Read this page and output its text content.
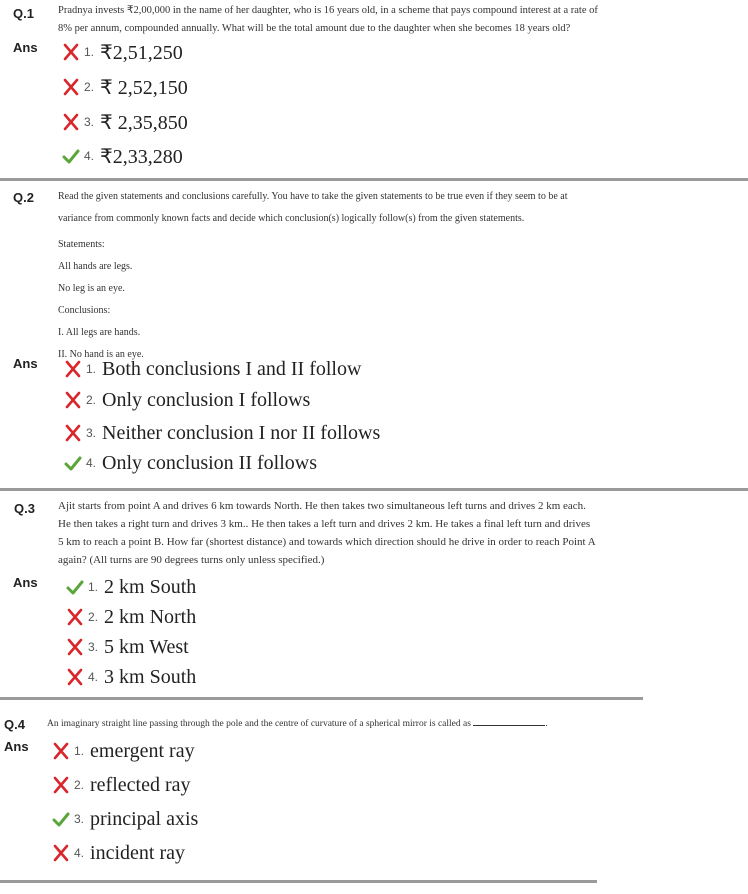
Q.1 Pradnya invests ₹2,00,000 in the name of her daughter, who is 16 years old, in a scheme that pays compound interest at a rate of 8% per annum, compounded annually. What will be the total amount due to the daughter when she becomes 18 years old?

Ans	1. ₹2,51,250
2. ₹ 2,52,150
3. ₹ 2,35,850
4. ₹2,33,280
Q.2 Read the given statements and conclusions carefully. You have to take the given statements to be true even if they seem to be at variance from commonly known facts and decide which conclusion(s) logically follow(s) from the given statements.

Statements:

All hands are legs.

No leg is an eye.

Conclusions:

I. All legs are hands.

II. No hand is an eye.

Ans	1. Both conclusions I and II follow
2. Only conclusion I follows
3. Neither conclusion I nor II follows
4. Only conclusion II follows
Q.3 Ajit starts from point A and drives 6 km towards North. He then takes two simultaneous left turns and drives 2 km each. He then takes a right turn and drives 3 km.. He then takes a left turn and drives 2 km. He takes a final left turn and drives 5 km to reach a point B. How far (shortest distance) and towards which direction should he drive in order to reach Point A again? (All turns are 90 degrees turns only unless specified.)

Ans	1. 2 km South
2. 2 km North
3. 5 km West
4. 3 km South
Q.4 An imaginary straight line passing through the pole and the centre of curvature of a spherical mirror is called as	.

Ans	1. emergent ray
2. reflected ray
3. principal axis
4. incident ray
